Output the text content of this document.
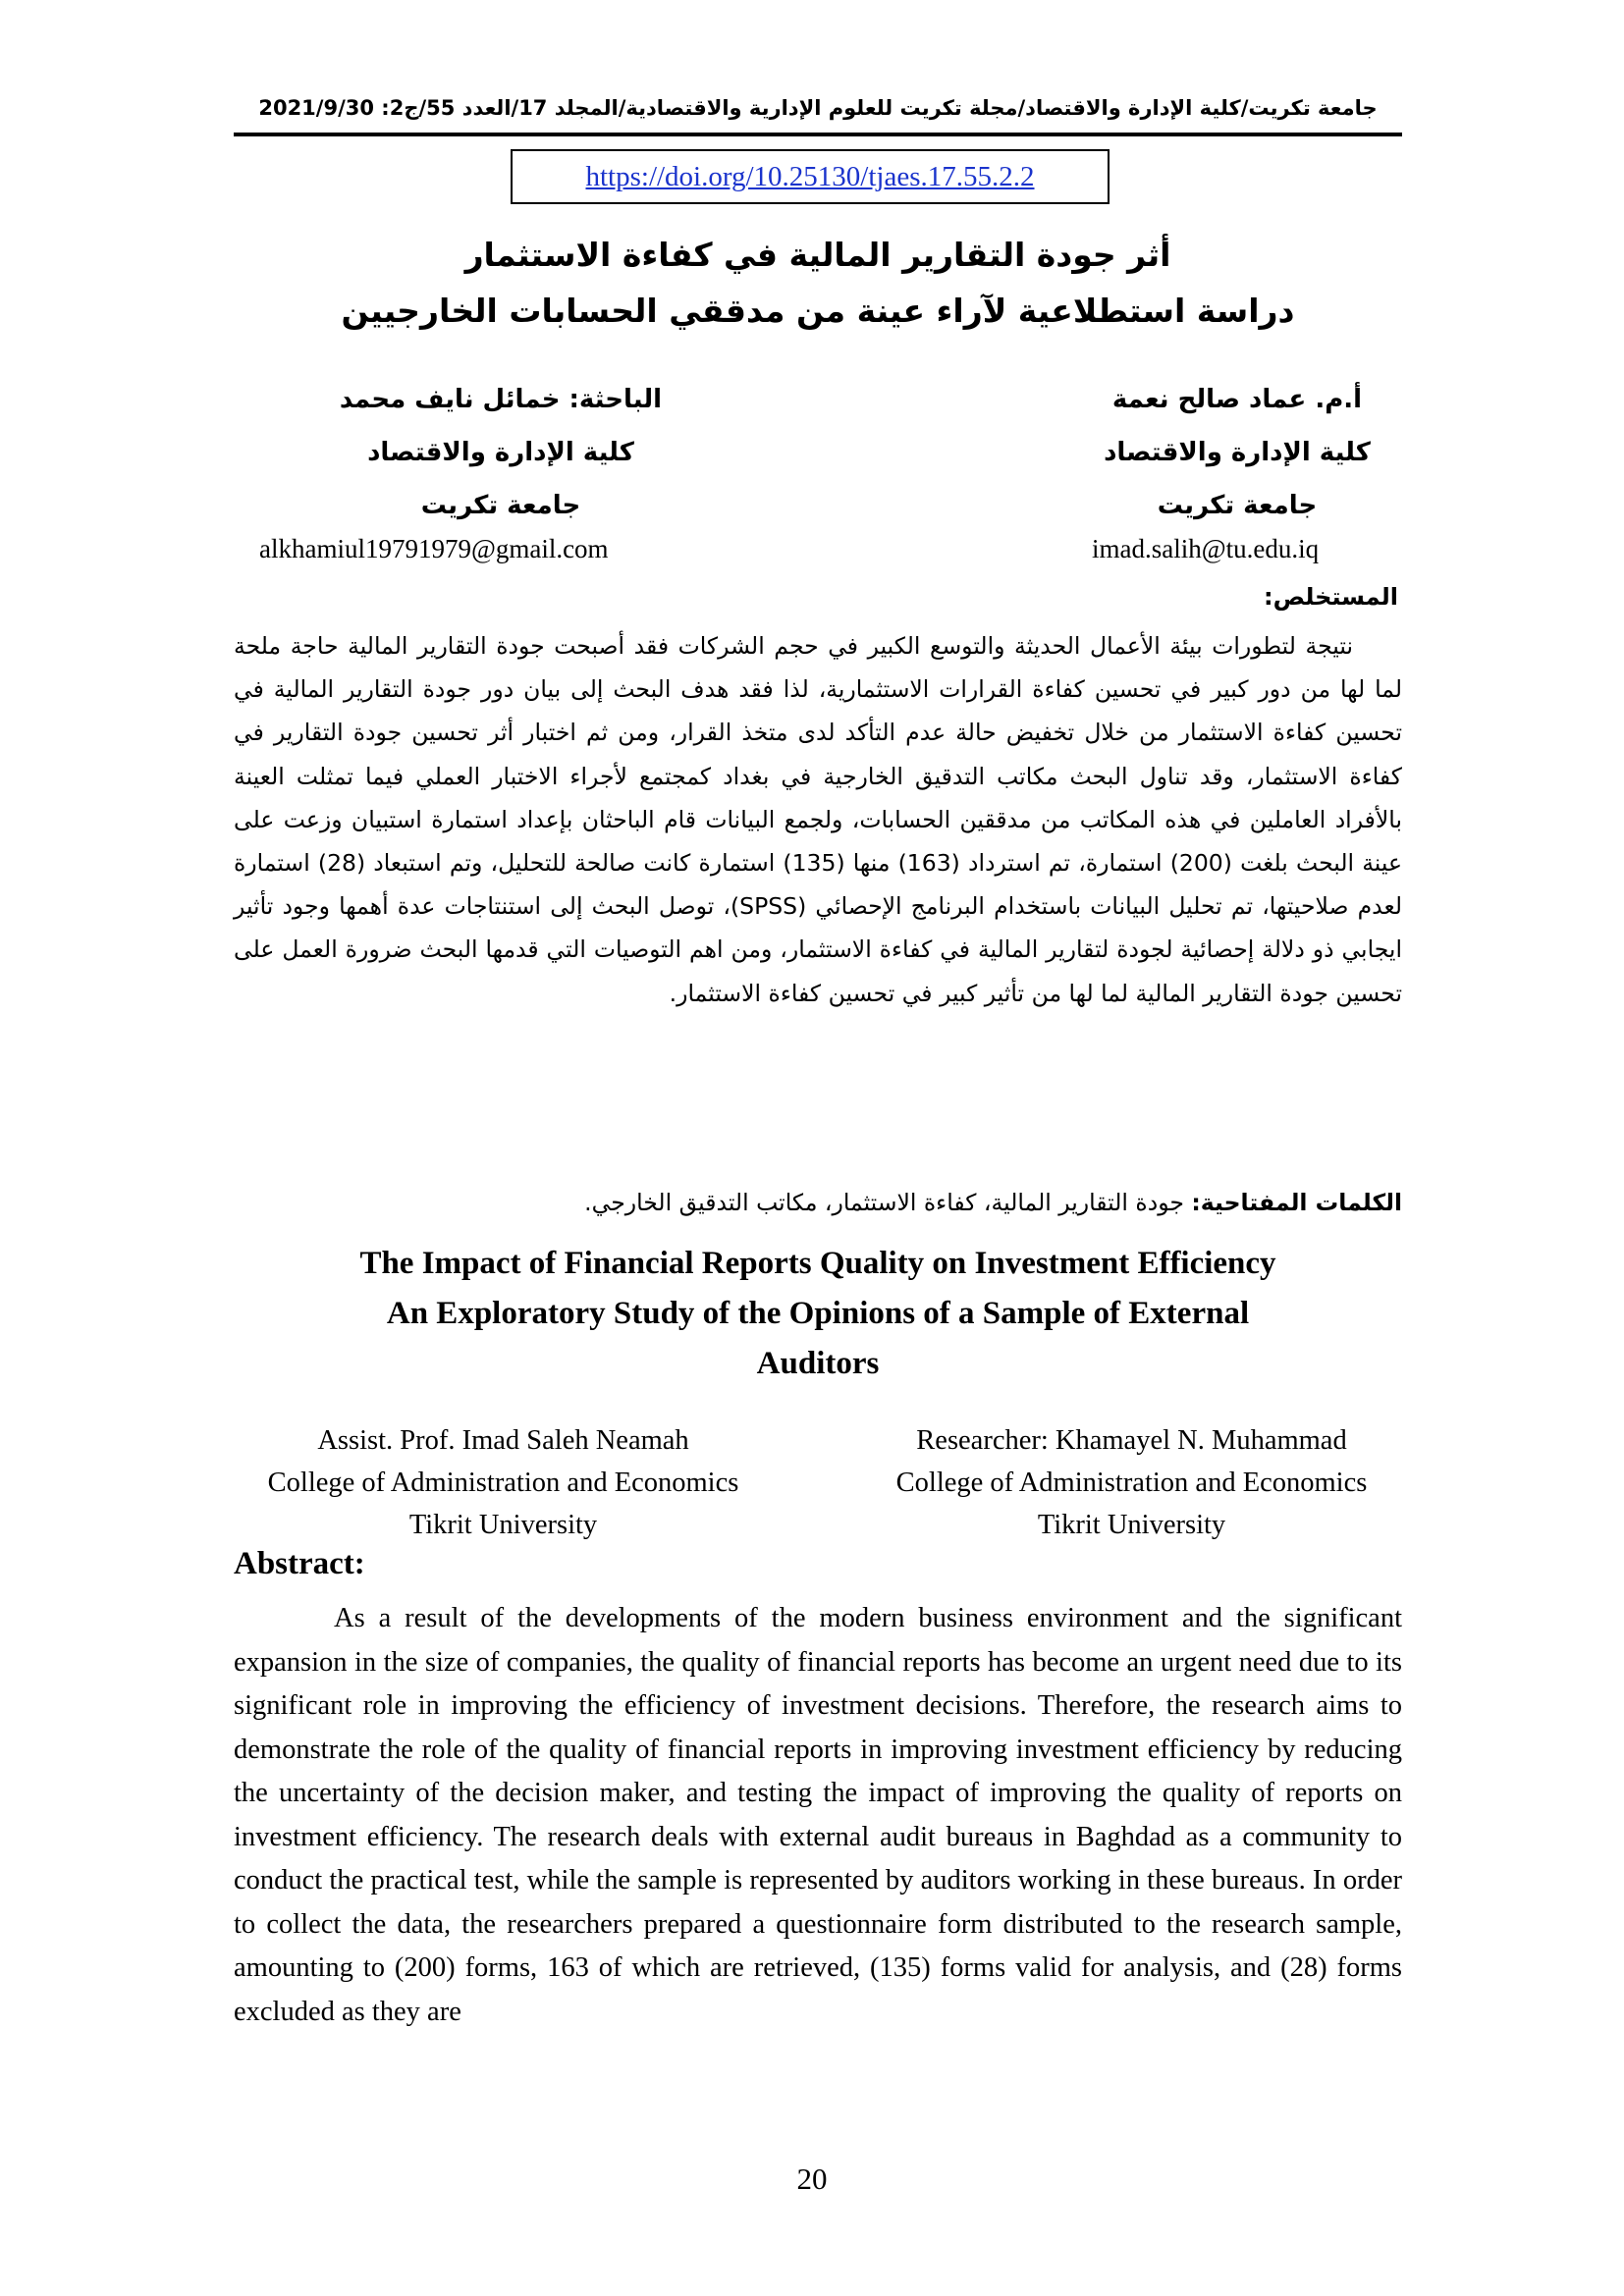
جامعة تكريت/كلية الإدارة والاقتصاد/مجلة تكريت للعلوم الإدارية والاقتصادية/المجلد 17/العدد 55/ج2: 2021/9/30
https://doi.org/10.25130/tjaes.17.55.2.2
أثر جودة التقارير المالية في كفاءة الاستثمار
دراسة استطلاعية لآراء عينة من مدققي الحسابات الخارجيين
أ.م. عماد صالح نعمة
كلية الإدارة والاقتصاد
جامعة تكريت
imad.salih@tu.edu.iq
الباحثة: خمائل نايف محمد
كلية الإدارة والاقتصاد
جامعة تكريت
alkhamiul19791979@gmail.com
المستخلص:
نتيجة لتطورات بيئة الأعمال الحديثة والتوسع الكبير في حجم الشركات فقد أصبحت جودة التقارير المالية حاجة ملحة لما لها من دور كبير في تحسين كفاءة القرارات الاستثمارية، لذا فقد هدف البحث إلى بيان دور جودة التقارير المالية في تحسين كفاءة الاستثمار من خلال تخفيض حالة عدم التأكد لدى متخذ القرار، ومن ثم اختبار أثر تحسين جودة التقارير في كفاءة الاستثمار، وقد تناول البحث مكاتب التدقيق الخارجية في بغداد كمجتمع لأجراء الاختبار العملي فيما تمثلت العينة بالأفراد العاملين في هذه المكاتب من مدققين الحسابات، ولجمع البيانات قام الباحثان بإعداد استمارة استبيان وزعت على عينة البحث بلغت (200) استمارة، تم استرداد (163) منها (135) استمارة كانت صالحة للتحليل، وتم استبعاد (28) استمارة لعدم صلاحيتها، تم تحليل البيانات باستخدام البرنامج الإحصائي (SPSS)، توصل البحث إلى استنتاجات عدة أهمها وجود تأثير ايجابي ذو دلالة إحصائية لجودة لتقارير المالية في كفاءة الاستثمار، ومن اهم التوصيات التي قدمها البحث ضرورة العمل على تحسين جودة التقارير المالية لما لها من تأثير كبير في تحسين كفاءة الاستثمار.
الكلمات المفتاحية: جودة التقارير المالية، كفاءة الاستثمار، مكاتب التدقيق الخارجي.
The Impact of Financial Reports Quality on Investment Efficiency
An Exploratory Study of the Opinions of a Sample of External
Auditors
Assist. Prof. Imad Saleh Neamah
College of Administration and Economics
Tikrit University
Researcher: Khamayel N. Muhammad
College of Administration and Economics
Tikrit University
Abstract:
As a result of the developments of the modern business environment and the significant expansion in the size of companies, the quality of financial reports has become an urgent need due to its significant role in improving the efficiency of investment decisions. Therefore, the research aims to demonstrate the role of the quality of financial reports in improving investment efficiency by reducing the uncertainty of the decision maker, and testing the impact of improving the quality of reports on investment efficiency. The research deals with external audit bureaus in Baghdad as a community to conduct the practical test, while the sample is represented by auditors working in these bureaus. In order to collect the data, the researchers prepared a questionnaire form distributed to the research sample, amounting to (200) forms, 163 of which are retrieved, (135) forms valid for analysis, and (28) forms excluded as they are
20
